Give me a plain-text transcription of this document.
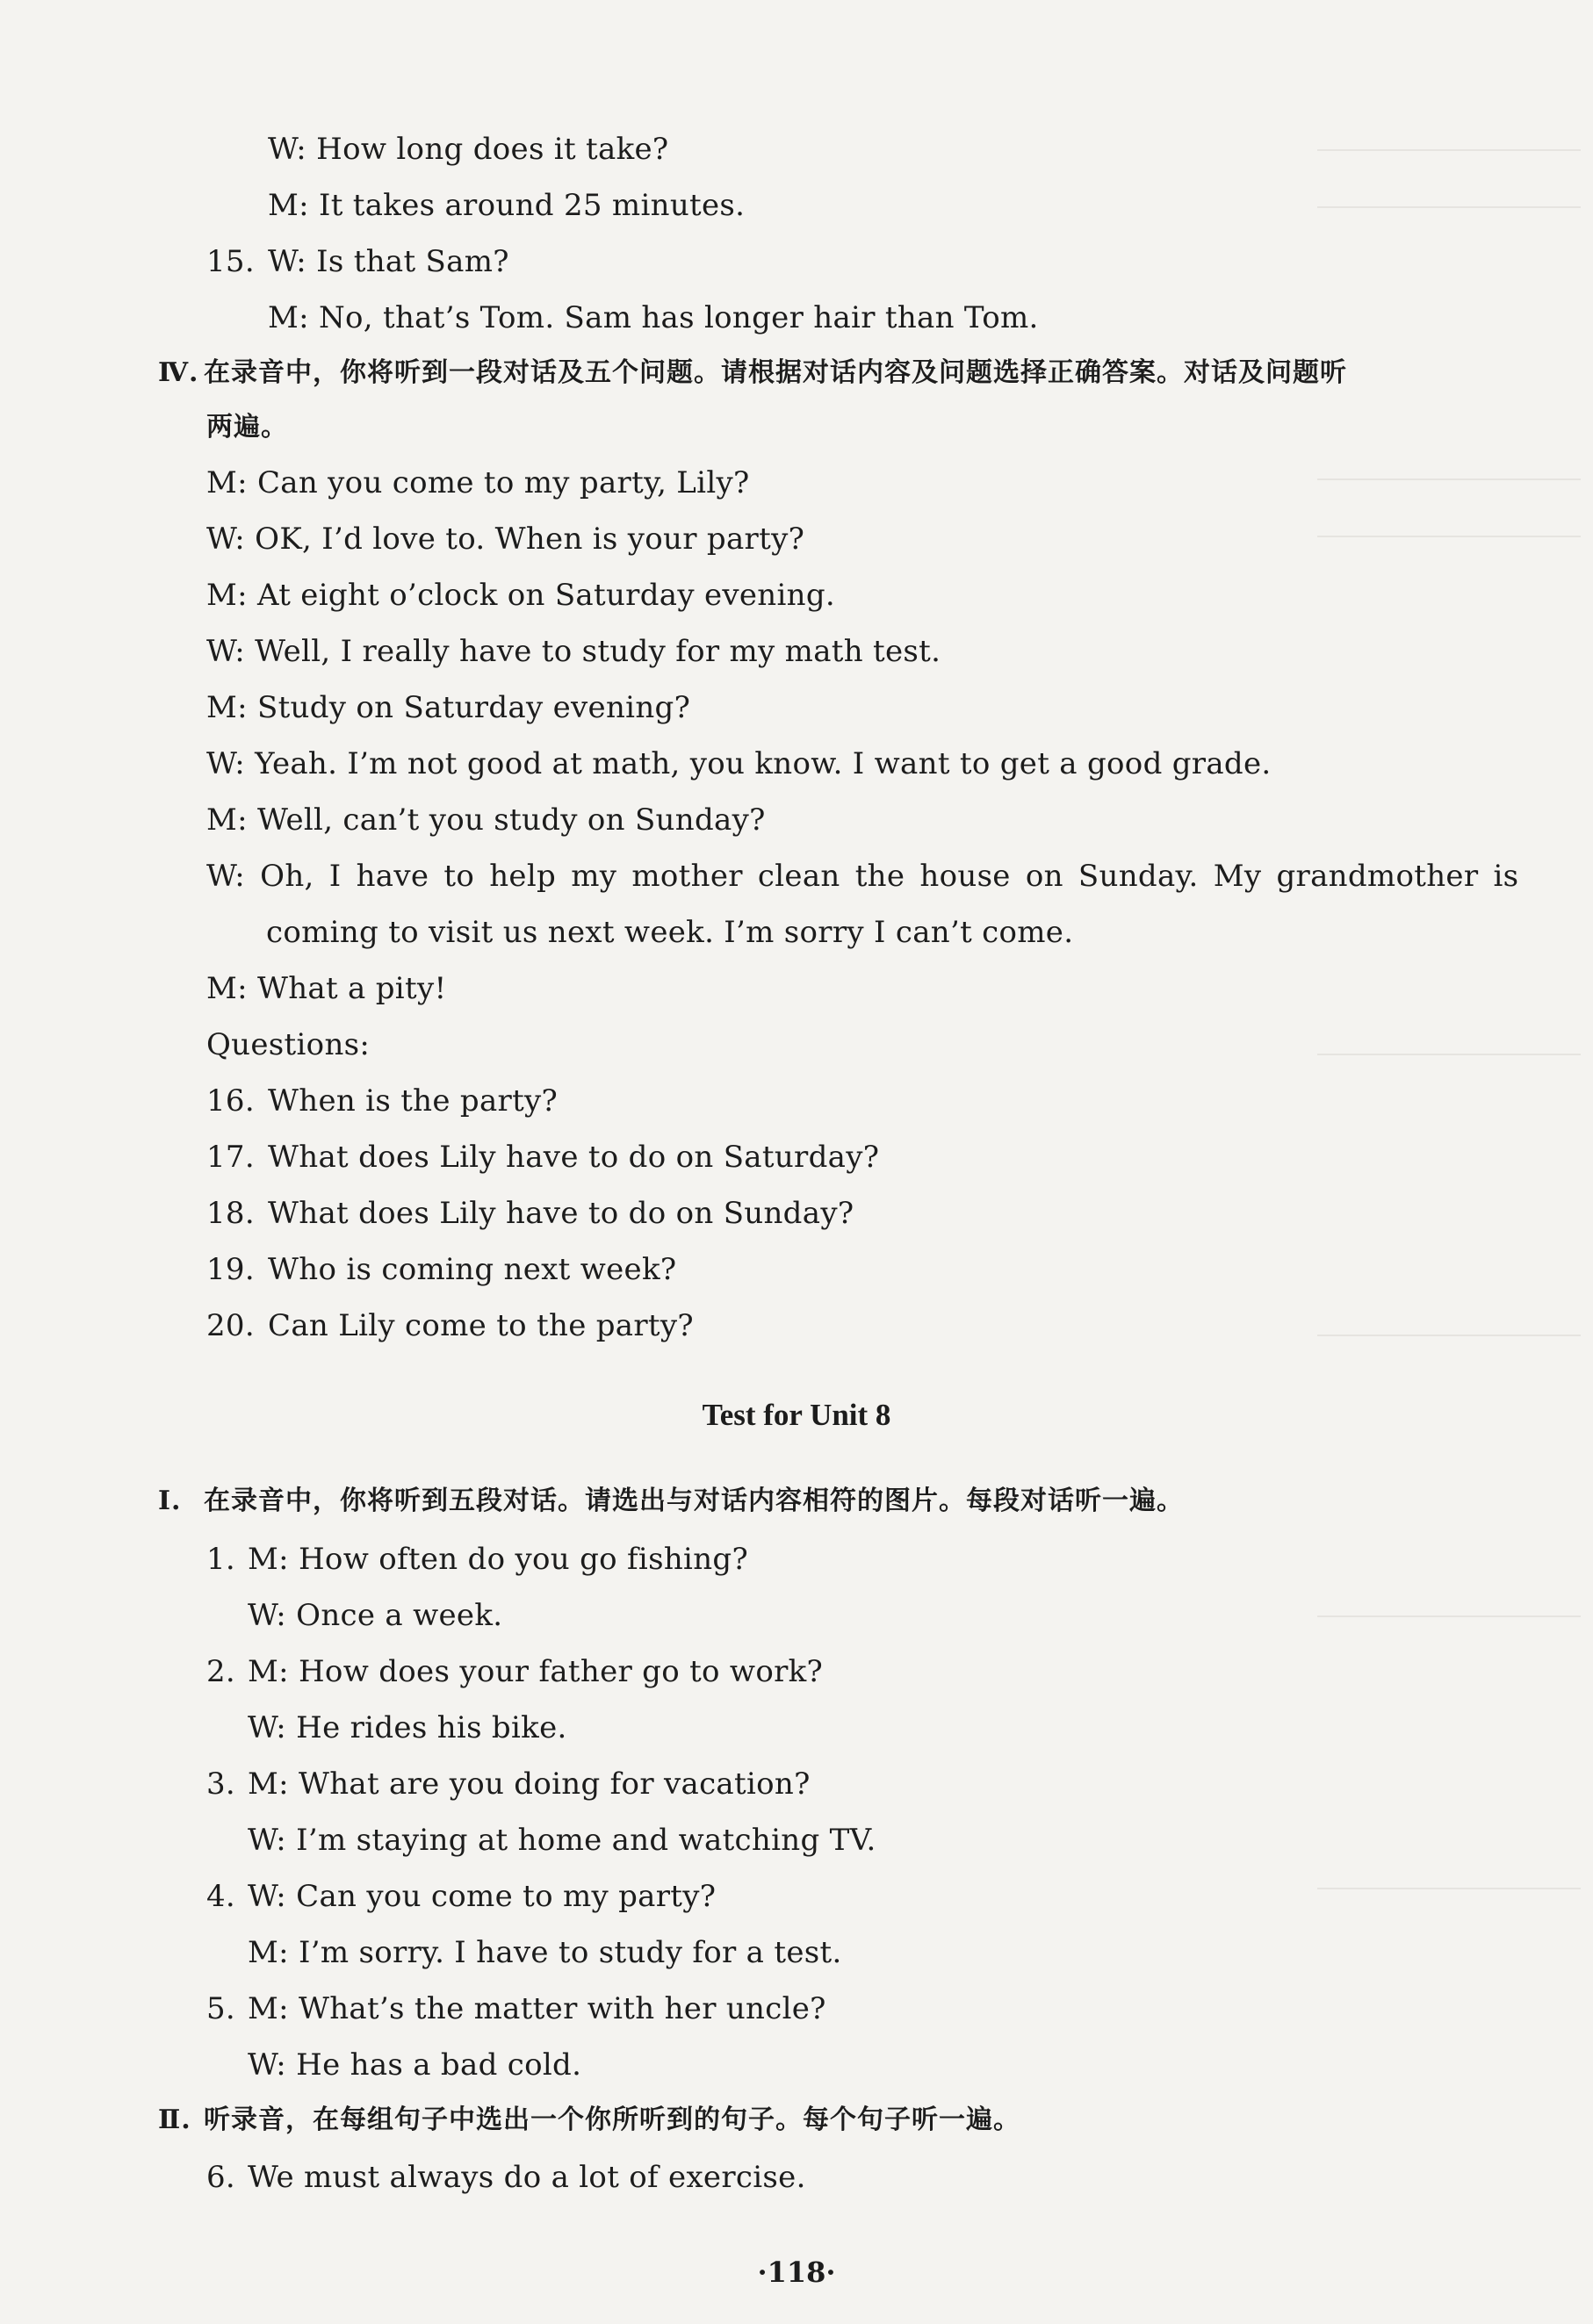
W: How long does it take?
M: It takes around 25 minutes.
15. W: Is that Sam?
M: No, that’s Tom. Sam has longer hair than Tom.
Ⅳ. 在录音中，你将听到一段对话及五个问题。请根据对话内容及问题选择正确答案。对话及问题听
两遍。
M: Can you come to my party, Lily?
W: OK, I’d love to. When is your party?
M: At eight o’clock on Saturday evening.
W: Well, I really have to study for my math test.
M: Study on Saturday evening?
W: Yeah. I’m not good at math, you know. I want to get a good grade.
M: Well, can’t you study on Sunday?
W: Oh, I have to help my mother clean the house on Sunday. My grandmother is
coming to visit us next week. I’m sorry I can’t come.
M: What a pity!
Questions:
16. When is the party?
17. What does Lily have to do on Saturday?
18. What does Lily have to do on Sunday?
19. Who is coming next week?
20. Can Lily come to the party?
Test for Unit 8
Ⅰ. 在录音中，你将听到五段对话。请选出与对话内容相符的图片。每段对话听一遍。
1. M: How often do you go fishing?
W: Once a week.
2. M: How does your father go to work?
W: He rides his bike.
3. M: What are you doing for vacation?
W: I’m staying at home and watching TV.
4. W: Can you come to my party?
M: I’m sorry. I have to study for a test.
5. M: What’s the matter with her uncle?
W: He has a bad cold.
Ⅱ. 听录音，在每组句子中选出一个你所听到的句子。每个句子听一遍。
6. We must always do a lot of exercise.
·118·
